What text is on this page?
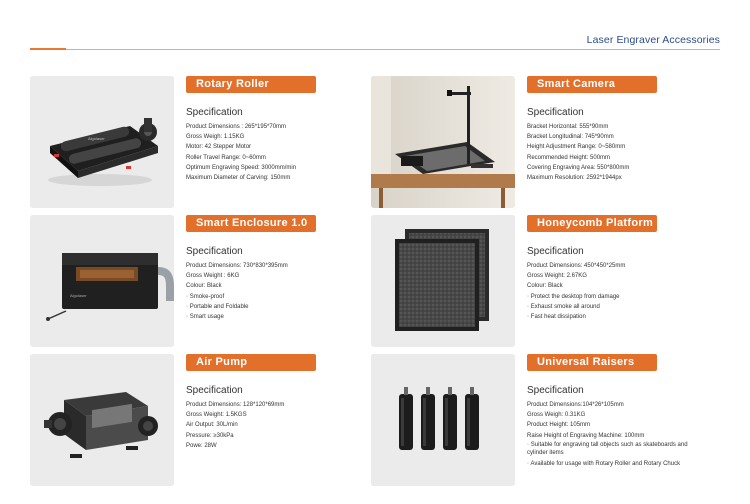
Laser Engraver Accessories
Algolaser
Rotary Roller
Specification
Product Dimensions : 265*195*70mm
Gross Weigh: 1.15KG
Motor: 42 Stepper Motor
Roller Travel Range: 0~60mm
Optimum Engraving Speed: 3000mm/min
Maximum Diameter of Carving: 150mm
Smart Camera
Specification
Bracket Horizontal: 555*90mm
Bracket Longitudinal: 745*90mm
Height Adjustment Range: 0~580mm
Recommended Height: 500mm
Covering Engraving Area: 550*800mm
Maximum Resolution: 2592*1944px
Algolaser
Smart Enclosure 1.0
Specification
Product Dimensions: 730*830*395mm
Gross Weight : 6KG
Colour: Black
◦ Smoke-proof
◦ Portable and Foldable
◦ Smart usage
Honeycomb Platform
Specification
Product Dimensions: 450*450*25mm
Gross Weight: 2.67KG
Colour: Black
◦ Protect the desktop from damage
◦ Exhaust smoke all around
◦ Fast heat dissipation
Air Pump
Specification
Product Dimensions: 128*120*69mm
Gross Weight: 1.5KGS
Air Output: 30L/min
Pressure: ≥30kPa
Powe: 28W
Universal Raisers
Specification
Product Dimensions:104*26*105mm
Gross Weigh: 0.31KG
Product Height: 105mm
Raise Height of Engraving Machine: 100mm
◦ Suitable for engraving tall objects such as skateboards and cylinder items
◦ Available for usage with Rotary Roller and Rotary Chuck
